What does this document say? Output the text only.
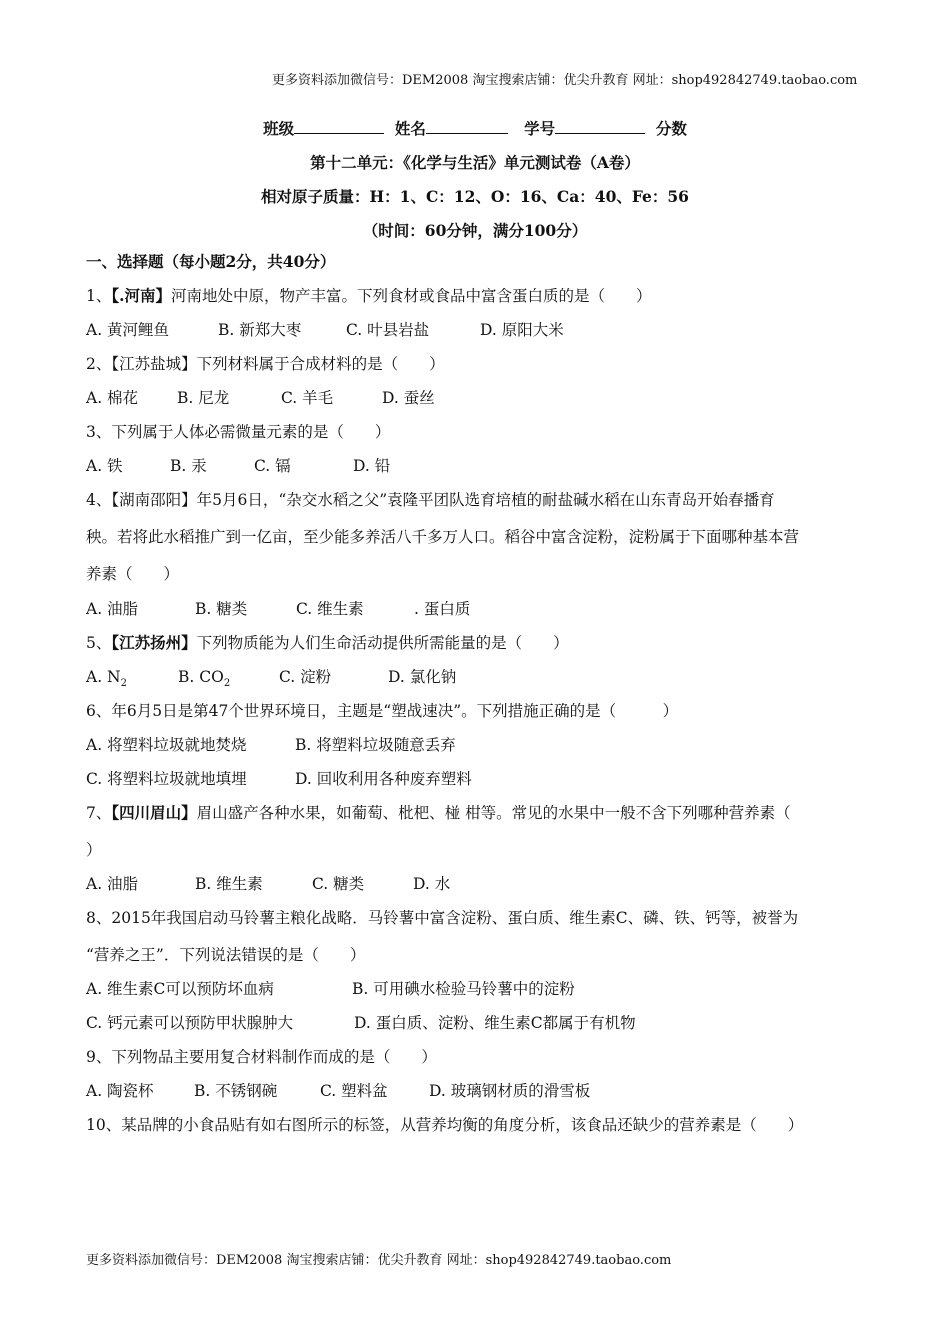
更多资料添加微信号：DEM2008 淘宝搜索店铺：优尖升教育 网址：shop492842749.taobao.com
班级	姓名	学号	分数
第十二单元：《化学与生活》单元测试卷（A卷）
相对原子质量：H：1、C：12、O：16、Ca：40、Fe：56
（时间：60分钟，满分100分）
一、选择题（每小题2分，共40分）
1、【.河南】河南地处中原，物产丰富。下列食材或食品中富含蛋白质的是（　　）
A. 黄河鲤鱼	B. 新郑大枣	C. 叶县岩盐	D. 原阳大米
2、【江苏盐城】下列材料属于合成材料的是（　　）
A. 棉花	B. 尼龙	C. 羊毛	D. 蚕丝
3、下列属于人体必需微量元素的是（　　）
A. 铁	B. 汞	C. 镉	D. 铅
4、【湖南邵阳】年5月6日，“杂交水稻之父”袁隆平团队选育培植的耐盐碱水稻在山东青岛开始春播育
秧。若将此水稻推广到一亿亩，至少能多养活八千多万人口。稻谷中富含淀粉，淀粉属于下面哪种基本营
养素（　　）
A. 油脂	B. 糖类	C. 维生素	. 蛋白质
5、【江苏扬州】下列物质能为人们生命活动提供所需能量的是（　　）
A. $N_2$	B. $CO_2$	C. 淀粉	D. 氯化钠
6、年6月5日是第47个世界环境日，主题是“塑战速决”。下列措施正确的是（　　　）
A. 将塑料垃圾就地焚烧	B. 将塑料垃圾随意丢弃
C. 将塑料垃圾就地填埋	D. 回收利用各种废弃塑料
7、【四川眉山】眉山盛产各种水果，如葡萄、枇杷、椪 柑等。常见的水果中一般不含下列哪种营养素（
）
A. 油脂	B. 维生素	C. 糖类	D. 水
8、2015年我国启动马铃薯主粮化战略．马铃薯中富含淀粉、蛋白质、维生素C、磷、铁、钙等，被誉为
“营养之王”．下列说法错误的是（　　）
A. 维生素C可以预防坏血病	B. 可用碘水检验马铃薯中的淀粉
C. 钙元素可以预防甲状腺肿大	D. 蛋白质、淀粉、维生素C都属于有机物
9、下列物品主要用复合材料制作而成的是（　　）
A. 陶瓷杯	B. 不锈钢碗	C. 塑料盆	D. 玻璃钢材质的滑雪板
10、某品牌的小食品贴有如右图所示的标签，从营养均衡的角度分析，该食品还缺少的营养素是（　　）
更多资料添加微信号：DEM2008 淘宝搜索店铺：优尖升教育 网址：shop492842749.taobao.com
